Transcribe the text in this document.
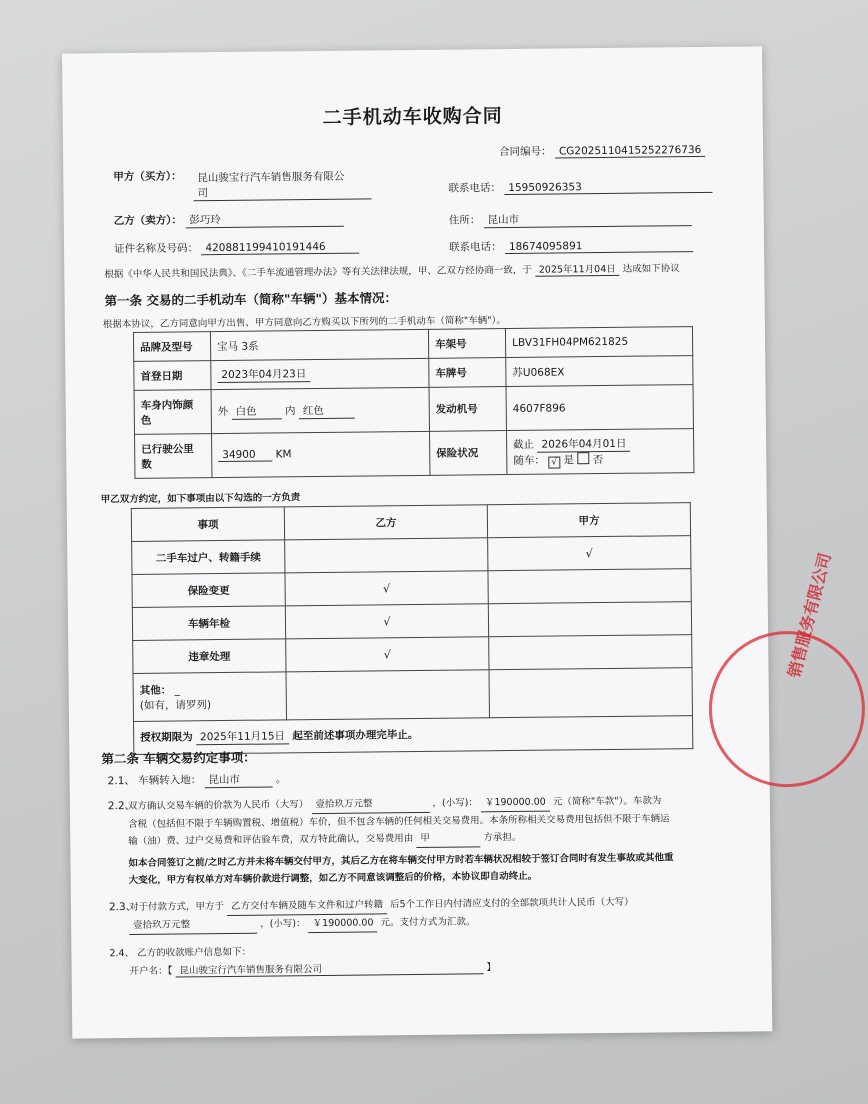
二手机动车收购合同
合同编号： CG2025110415252276736
甲方（买方）： 昆山骏宝行汽车销售服务有限公
司	联系电话： 15950926353
乙方（卖方）： 彭巧玲	住所： 昆山市
证件名称及号码： 420881199410191446	联系电话： 18674095891
根据《中华人民共和国民法典》、《二手车流通管理办法》等有关法律法规，甲、乙双方经协商一致，于 2025年11月04日 达成如下协议
第一条 交易的二手机动车（简称"车辆"）基本情况：
根据本协议，乙方同意向甲方出售、甲方同意向乙方购买以下所列的二手机动车（简称"车辆"）。
品牌及型号	宝马 3系	车架号	LBV31FH04PM621825
首登日期	2023年04月23日	车牌号	苏U068EX
车身内饰颜
色	外 白色 内 红色	发动机号	4607F896
已行驶公里
数	34900 KM	保险状况	截止 2026年04月01日
随车： √ 是 否
甲乙双方约定，如下事项由以下勾选的一方负责
事项	乙方	甲方
二手车过户、转籍手续		√
保险变更	√	
车辆年检	√	
违章处理	√	
其他： _
(如有，请罗列)		
授权期限为 2025年11月15日 起至前述事项办理完毕止。		
第二条 车辆交易约定事项：
2.1、 车辆转入地： 昆山市	。
2.2、
双方确认交易车辆的价款为人民币（大写） 壹拾玖万元整	，(小写)： ￥190000.00 元（简称"车款"）。车款为
含税（包括但不限于车辆购置税、增值税）车价，但不包含车辆的任何相关交易费用。本条所称相关交易费用包括但不限于车辆运
输（油）费、过户交易费和评估验车费，双方特此确认，交易费用由 甲	方承担。
如本合同签订之前/之时乙方并未将车辆交付甲方，其后乙方在将车辆交付甲方时若车辆状况相较于签订合同时有发生事故或其他重
大变化，甲方有权单方对车辆价款进行调整，如乙方不同意该调整后的价格，本协议即自动终止。
2.3、
对于付款方式，甲方于 乙方交付车辆及随车文件和过户转籍 后5个工作日内付清应支付的全部款项共计人民币（大写）
壹拾玖万元整	，(小写)： ￥190000.00 元。支付方式为汇款。
2.4、 乙方的收款账户信息如下：
开户名：【 昆山骏宝行汽车销售服务有限公司	】
销售服务有限公司
